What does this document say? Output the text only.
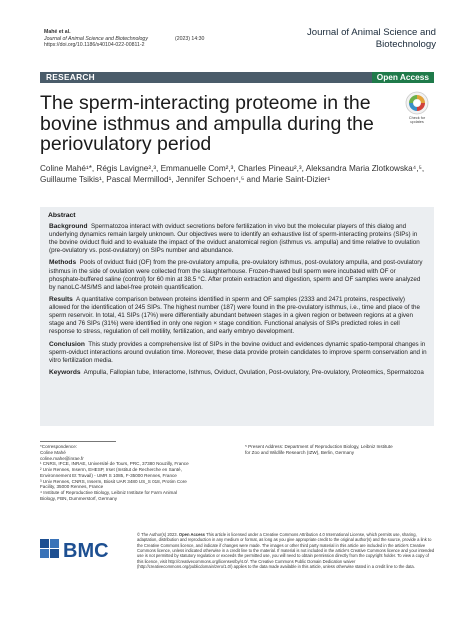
Mahé et al.
Journal of Animal Science and Biotechnology	(2023) 14:30
https://doi.org/10.1186/s40104-022-00811-2
Journal of Animal Science and
Biotechnology
RESEARCH	Open Access
The sperm-interacting proteome in the bovine isthmus and ampulla during the periovulatory period
Check for
updates
Coline Mahé¹*, Régis Lavigne²,³, Emmanuelle Com²,³, Charles Pineau²,³, Aleksandra Maria Zlotkowska⁴,⁵,
Guillaume Tsikis¹, Pascal Mermillod¹, Jennifer Schoen⁴,⁵ and Marie Saint-Dizier¹
Abstract

Background Spermatozoa interact with oviduct secretions before fertilization in vivo but the molecular players of this dialog and underlying dynamics remain largely unknown. Our objectives were to identify an exhaustive list of sperm-interacting proteins (SIPs) in the bovine oviduct fluid and to evaluate the impact of the oviduct anatomical region (isthmus vs. ampulla) and time relative to ovulation (pre-ovulatory vs. post-ovulatory) on SIPs number and abundance.

Methods Pools of oviduct fluid (OF) from the pre-ovulatory ampulla, pre-ovulatory isthmus, post-ovulatory ampulla, and post-ovulatory isthmus in the side of ovulation were collected from the slaughterhouse. Frozen-thawed bull sperm were incubated with OF or phosphate-buffered saline (control) for 60 min at 38.5 °C. After protein extraction and digestion, sperm and OF samples were analyzed by nanoLC-MS/MS and label-free protein quantification.

Results A quantitative comparison between proteins identified in sperm and OF samples (2333 and 2471 proteins, respectively) allowed for the identification of 245 SIPs. The highest number (187) were found in the pre-ovulatory isthmus, i.e., time and place of the sperm reservoir. In total, 41 SIPs (17%) were differentially abundant between stages in a given region or between regions at a given stage and 76 SIPs (31%) were identified in only one region × stage condition. Functional analysis of SIPs predicted roles in cell response to stress, regulation of cell motility, fertilization, and early embryo development.

Conclusion This study provides a comprehensive list of SIPs in the bovine oviduct and evidences dynamic spatio-temporal changes in sperm-oviduct interactions around ovulation time. Moreover, these data provide protein candidates to improve sperm conservation and in vitro fertilization media.

Keywords Ampulla, Fallopian tube, Interactome, Isthmus, Oviduct, Ovulation, Post-ovulatory, Pre-ovulatory, Proteomics, Spermatozoa

*Correspondence:

Coline Mahé

coline.mahe@inrae.fr

¹ CNRS, IFCE, INRAE, Université de Tours, PRC, 37380 Nouzilly, France

² Univ Rennes, Inserm, EHESP, Irset (Institut de Recherche en Santé,

Environnement Et Travail) - UMR S 1085, F-35000 Rennes, France

³ Univ Rennes, CNRS, Inserm, Biosit UAR 3480 US_S 018, Protim Core

Facility, 35000 Rennes, France

⁴ Institute of Reproductive Biology, Leibniz Institute for Farm Animal

Biology, FBN, Dummerstorf, Germany

⁵ Present Address: Department of Reproduction Biology, Leibniz Institute
for Zoo and Wildlife Research (IZW), Berlin, Germany
BMC
© The Author(s) 2023. Open Access This article is licensed under a Creative Commons Attribution 4.0 International License, which permits use, sharing, adaptation, distribution and reproduction in any medium or format, as long as you give appropriate credit to the original author(s) and the source, provide a link to the Creative Commons licence, and indicate if changes were made. The images or other third party material in this article are included in the article's Creative Commons licence, unless indicated otherwise in a credit line to the material. If material is not included in the article's Creative Commons licence and your intended use is not permitted by statutory regulation or exceeds the permitted use, you will need to obtain permission directly from the copyright holder. To view a copy of this licence, visit http://creativecommons.org/licenses/by/4.0/. The Creative Commons Public Domain Dedication waiver (http://creativecommons.org/publicdomain/zero/1.0/) applies to the data made available in this article, unless otherwise stated in a credit line to the data.
